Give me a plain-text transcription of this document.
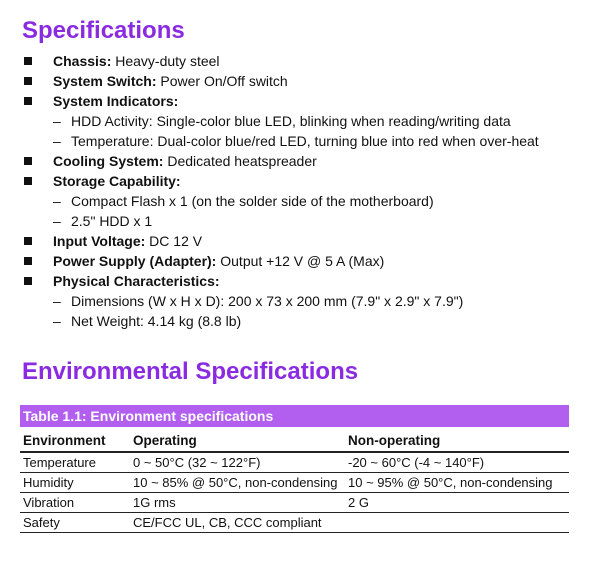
Specifications
Chassis: Heavy-duty steel
System Switch: Power On/Off switch
System Indicators:
– HDD Activity: Single-color blue LED, blinking when reading/writing data
– Temperature: Dual-color blue/red LED, turning blue into red when over-heat
Cooling System: Dedicated heatspreader
Storage Capability:
– Compact Flash x 1 (on the solder side of the motherboard)
– 2.5" HDD x 1
Input Voltage: DC 12 V
Power Supply (Adapter): Output +12 V @ 5 A (Max)
Physical Characteristics:
– Dimensions (W x H x D): 200 x 73 x 200 mm (7.9" x 2.9" x 7.9")
– Net Weight: 4.14 kg (8.8 lb)
Environmental Specifications
Table 1.1: Environment specifications
Environment	Operating	Non-operating
Temperature	0 ~ 50°C (32 ~ 122°F)	-20 ~ 60°C (-4 ~ 140°F)
Humidity	10 ~ 85% @ 50°C, non-condensing	10 ~ 95% @ 50°C, non-condensing
Vibration	1G rms	2 G
Safety	CE/FCC UL, CB, CCC compliant	
